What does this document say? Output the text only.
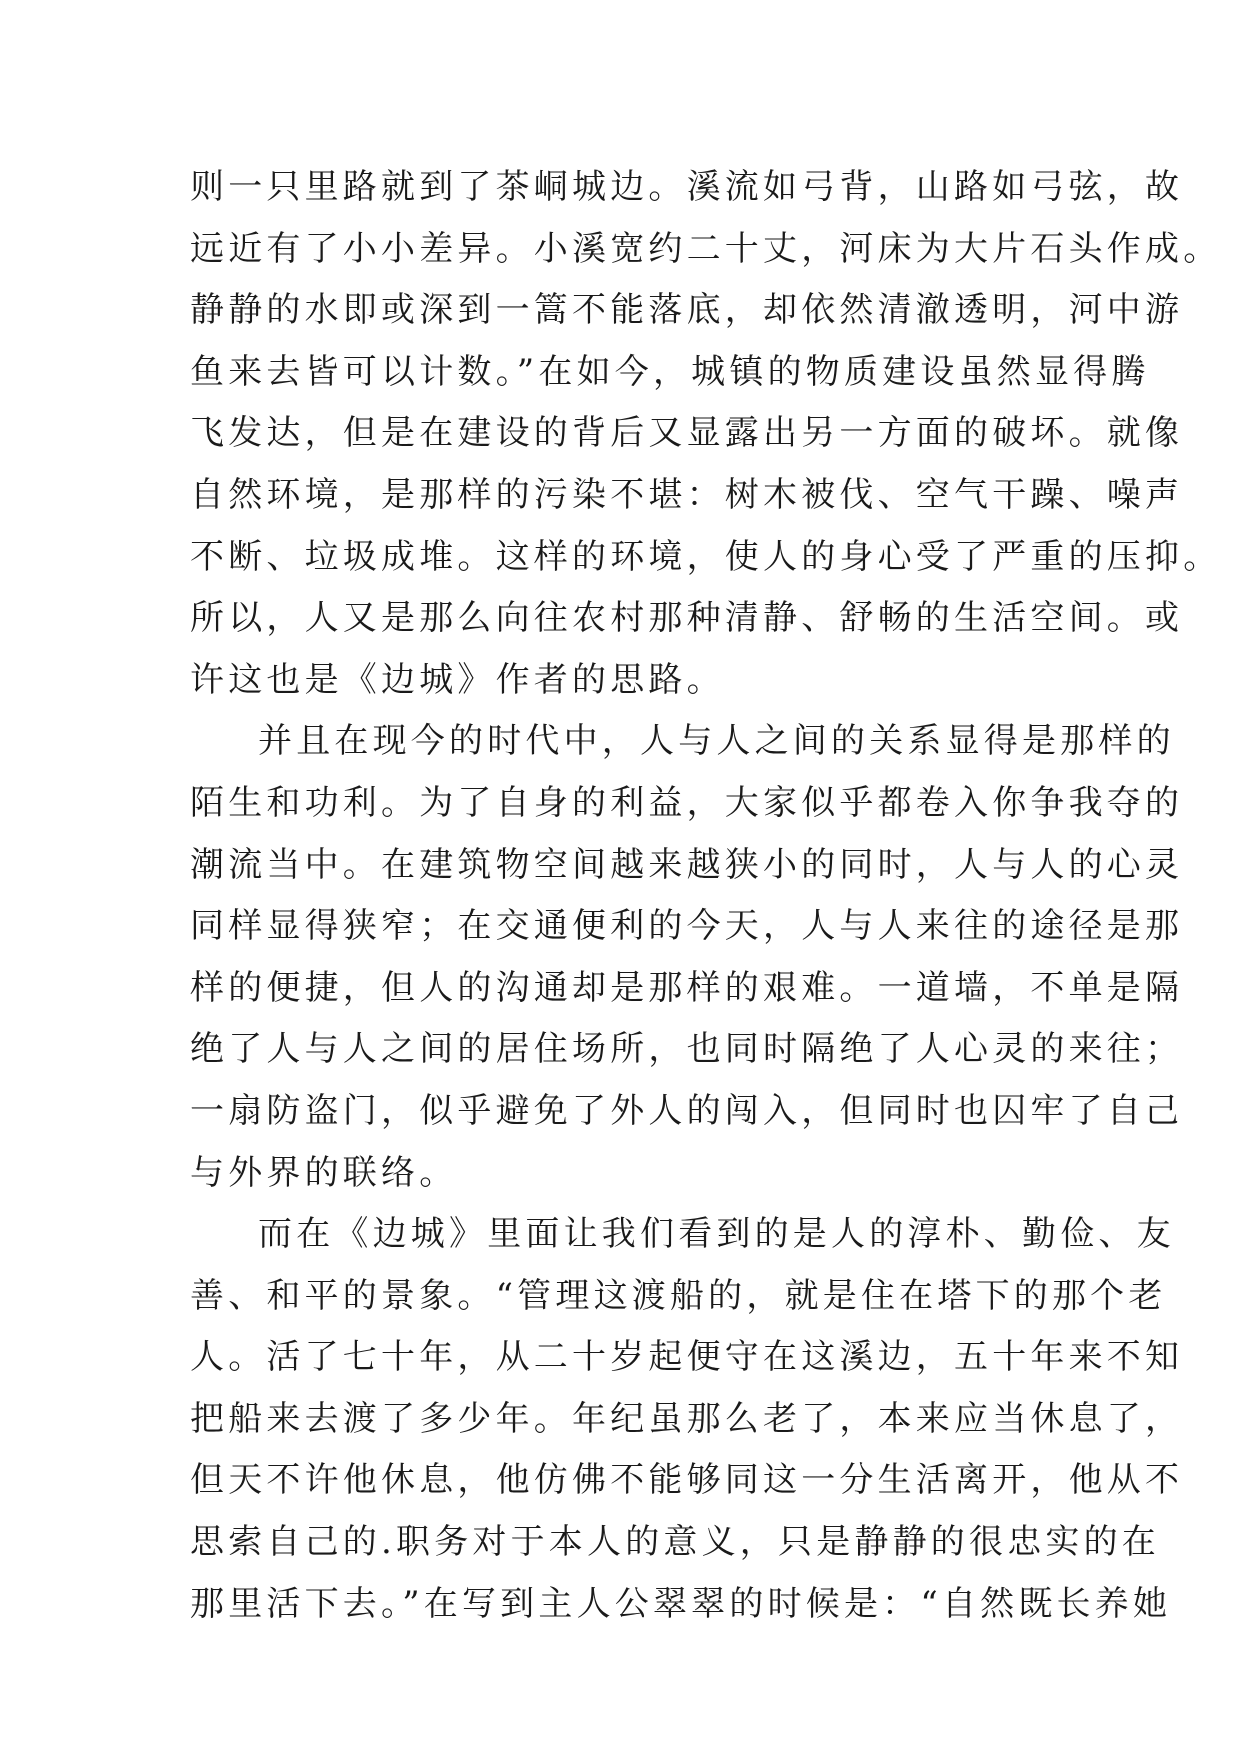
则一只里路就到了茶峒城边。溪流如弓背，山路如弓弦，故
远近有了小小差异。小溪宽约二十丈，河床为大片石头作成。
静静的水即或深到一篙不能落底，却依然清澈透明，河中游
鱼来去皆可以计数。”在如今，城镇的物质建设虽然显得腾
飞发达，但是在建设的背后又显露出另一方面的破坏。就像
自然环境，是那样的污染不堪：树木被伐、空气干躁、噪声
不断、垃圾成堆。这样的环境，使人的身心受了严重的压抑。
所以，人又是那么向往农村那种清静、舒畅的生活空间。或
许这也是《边城》作者的思路。
并且在现今的时代中，人与人之间的关系显得是那样的
陌生和功利。为了自身的利益，大家似乎都卷入你争我夺的
潮流当中。在建筑物空间越来越狭小的同时，人与人的心灵
同样显得狭窄；在交通便利的今天，人与人来往的途径是那
样的便捷，但人的沟通却是那样的艰难。一道墙，不单是隔
绝了人与人之间的居住场所，也同时隔绝了人心灵的来往；
一扇防盗门，似乎避免了外人的闯入，但同时也囚牢了自己
与外界的联络。
而在《边城》里面让我们看到的是人的淳朴、勤俭、友
善、和平的景象。“管理这渡船的，就是住在塔下的那个老
人。活了七十年，从二十岁起便守在这溪边，五十年来不知
把船来去渡了多少年。年纪虽那么老了，本来应当休息了，
但天不许他休息，他仿佛不能够同这一分生活离开，他从不
思索自己的.职务对于本人的意义，只是静静的很忠实的在
那里活下去。”在写到主人公翠翠的时候是：“自然既长养她
